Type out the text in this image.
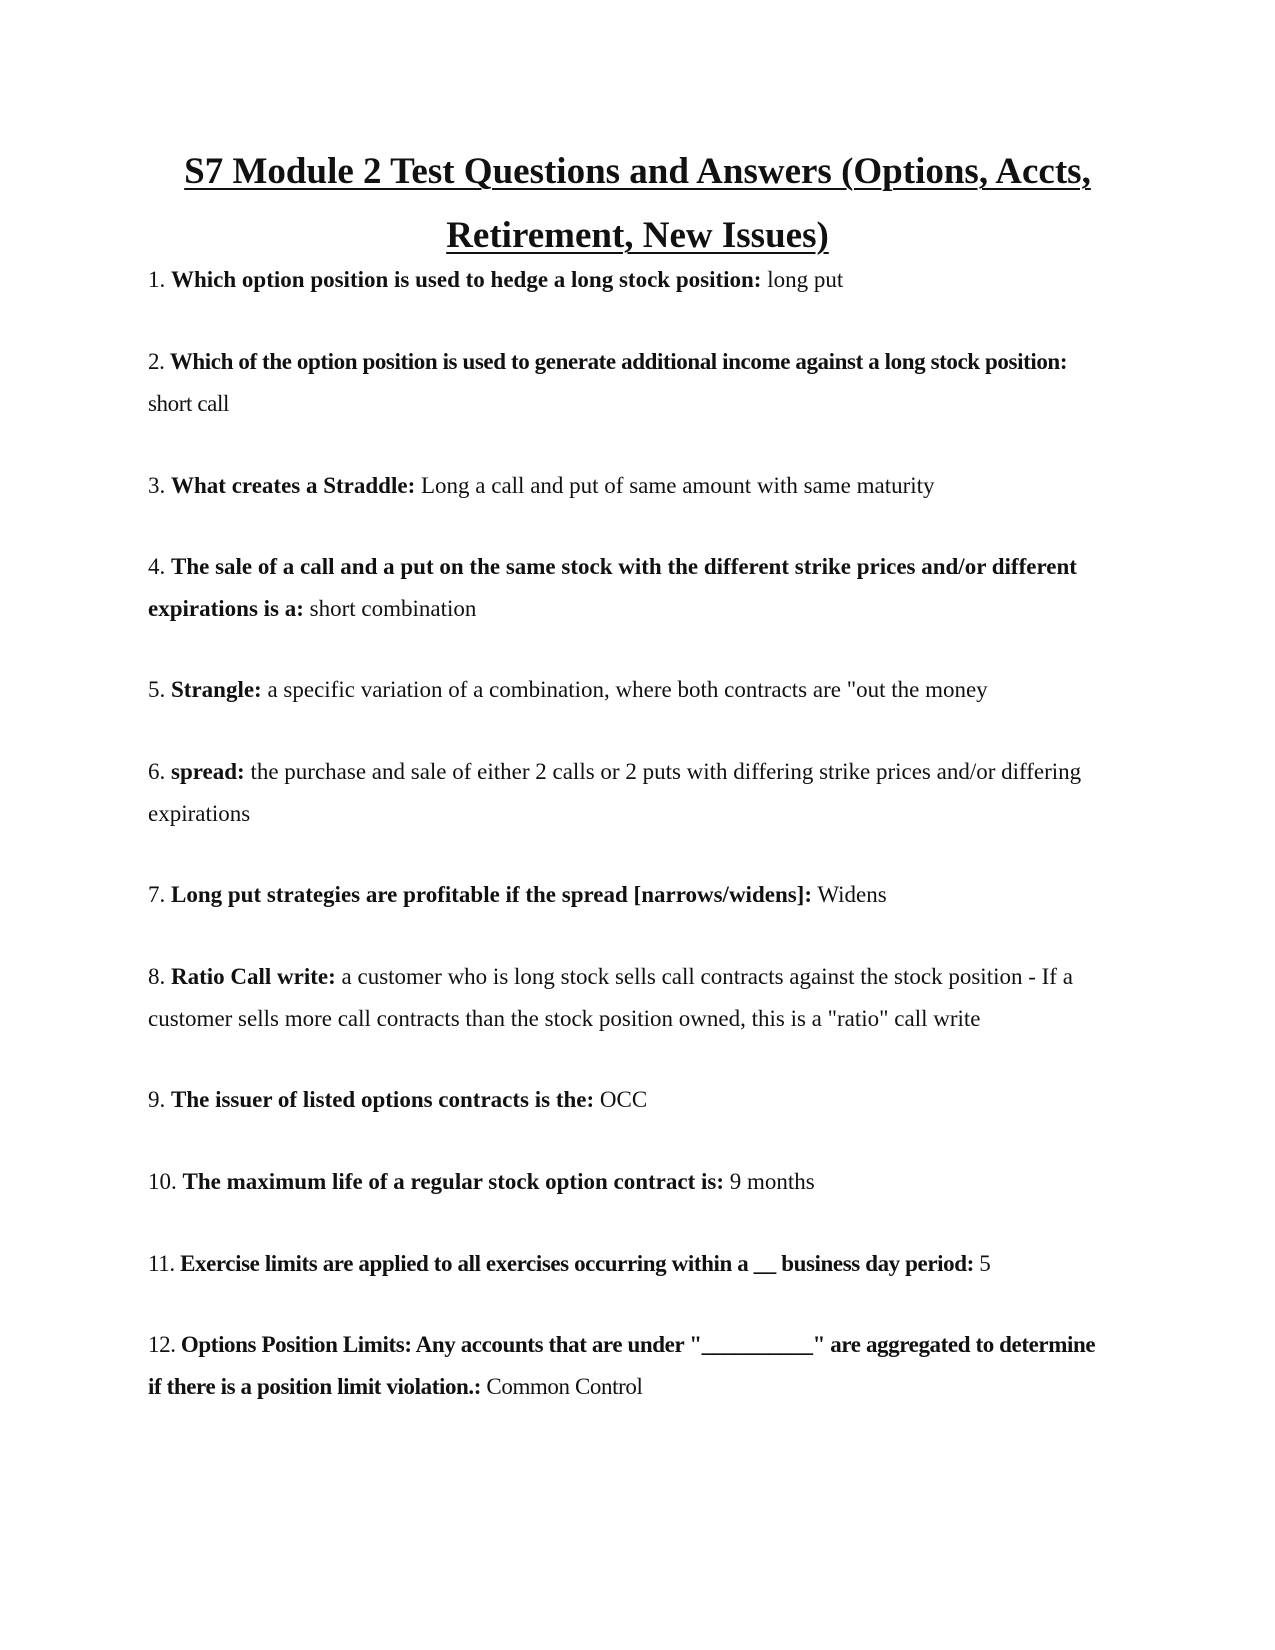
S7 Module 2 Test Questions and Answers (Options, Accts, Retirement, New Issues)

1. Which option position is used to hedge a long stock position: long put

2. Which of the option position is used to generate additional income against a long stock position: short call

3. What creates a Straddle: Long a call and put of same amount with same maturity

4. The sale of a call and a put on the same stock with the different strike prices and/or different expirations is a: short combination

5. Strangle: a specific variation of a combination, where both contracts are "out the money

6. spread: the purchase and sale of either 2 calls or 2 puts with differing strike prices and/or differing expirations

7. Long put strategies are profitable if the spread [narrows/widens]: Widens

8. Ratio Call write: a customer who is long stock sells call contracts against the stock position - If a customer sells more call contracts than the stock position owned, this is a "ratio" call write

9. The issuer of listed options contracts is the: OCC

10. The maximum life of a regular stock option contract is: 9 months

11. Exercise limits are applied to all exercises occurring within a __ business day period: 5

12. Options Position Limits: Any accounts that are under "__________" are aggregated to determine if there is a position limit violation.: Common Control
